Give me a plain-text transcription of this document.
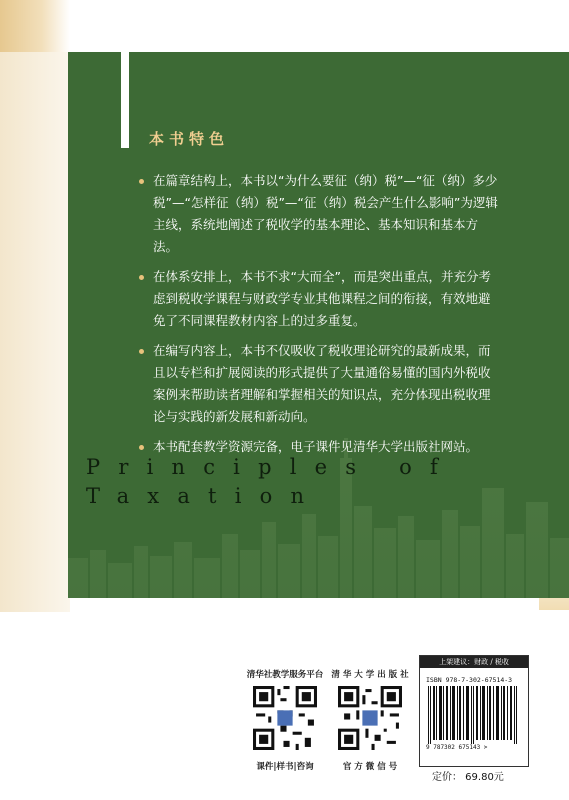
本书特色
在篇章结构上，本书以“为什么要征（纳）税”—“征（纳）多少税”—“怎样征（纳）税”—“征（纳）税会产生什么影响”为逻辑主线，系统地阐述了税收学的基本理论、基本知识和基本方法。
在体系安排上，本书不求“大而全”，而是突出重点，并充分考虑到税收学课程与财政学专业其他课程之间的衔接，有效地避免了不同课程教材内容上的过多重复。
在编写内容上，本书不仅吸收了税收理论研究的最新成果，而且以专栏和扩展阅读的形式提供了大量通俗易懂的国内外税收案例来帮助读者理解和掌握相关的知识点，充分体现出税收理论与实践的新发展和新动向。
本书配套教学资源完备，电子课件见清华大学出版社网站。
Principles of
Taxation
清华社教学服务平台
课件|样书|咨询
清 华 大 学 出 版 社
官 方 微 信 号
上架建议：财政 / 税收
ISBN 978-7-302-67514-3
9 787302 675143 >
定价： 69.80元
